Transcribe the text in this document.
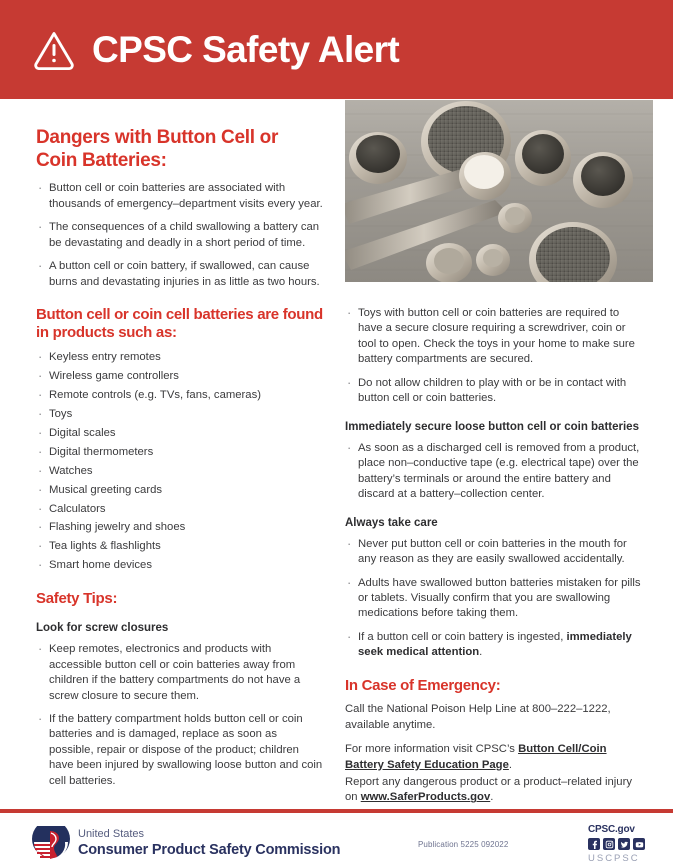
CPSC Safety Alert
Dangers with Button Cell or Coin Batteries:
· Button cell or coin batteries are associated with thousands of emergency–department visits every year.
· The consequences of a child swallowing a battery can be devastating and deadly in a short period of time.
· A button cell or coin battery, if swallowed, can cause burns and devastating injuries in as little as two hours.
Button cell or coin cell batteries are found in products such as:
· Keyless entry remotes
· Wireless game controllers
· Remote controls (e.g. TVs, fans, cameras)
· Toys
· Digital scales
· Digital thermometers
· Watches
· Musical greeting cards
· Calculators
· Flashing jewelry and shoes
· Tea lights & flashlights
· Smart home devices
Safety Tips:
Look for screw closures
· Keep remotes, electronics and products with accessible button cell or coin batteries away from children if the battery compartments do not have a screw closure to secure them.
· If the battery compartment holds button cell or coin batteries and is damaged, replace as soon as possible, repair or dispose of the product; children have been injured by swallowing loose button and coin cell batteries.
· Toys with button cell or coin batteries are required to have a secure closure requiring a screwdriver, coin or tool to open. Check the toys in your home to make sure battery compartments are secured.
· Do not allow children to play with or be in contact with button cell or coin batteries.
Immediately secure loose button cell or coin batteries
· As soon as a discharged cell is removed from a product, place non–conductive tape (e.g. electrical tape) over the battery’s terminals or around the entire battery and discard at a battery–collection center.
Always take care
· Never put button cell or coin batteries in the mouth for any reason as they are easily swallowed accidentally.
· Adults have swallowed button batteries mistaken for pills or tablets. Visually confirm that you are swallowing medications before taking them.
· If a button cell or coin battery is ingested, immediately seek medical attention.
In Case of Emergency:

Call the National Poison Help Line at 800–222–1222, available anytime.

For more information visit CPSC’s Button Cell/Coin Battery Safety Education Page.

Report any dangerous product or a product–related injury on www.SaferProducts.gov.

United States
Consumer Product Safety Commission	Publication 5225 092022
CPSC.gov
USCPSC
